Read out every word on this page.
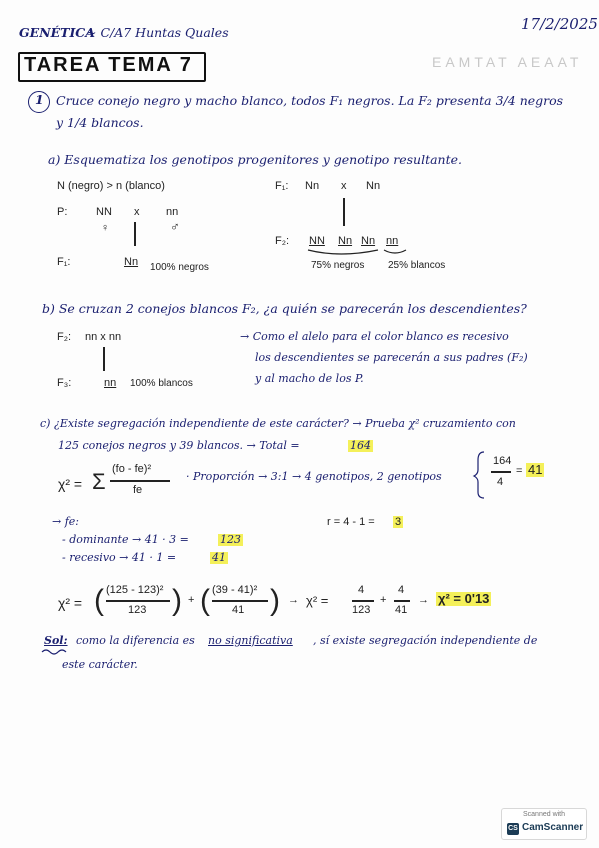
GENÉTICA
~ C/A7 Huntas Quales	17/2/2025
TAREA TEMA 7	EAMTAT AEAAT
1 Cruce conejo negro y macho blanco, todos F₁ negros. La F₂ presenta 3/4 negros
y 1/4 blancos.
a) Esquematiza los genotipos progenitores y genotipo resultante.
N (negro) > n (blanco)
P:	NN x nn
♀	♂
F₁:	Nn 100% negros
F₁: Nn x Nn
F₂: NN Nn Nn nn
75% negros 25% blancos
b) Se cruzan 2 conejos blancos F₂, ¿a quién se parecerán los descendientes?
F₂: nn x nn
F₃:	nn 100% blancos
→ Como el alelo para el color blanco es recesivo
los descendientes se parecerán a sus padres (F₂)
y al macho de los P.
c) ¿Existe segregación independiente de este carácter? → Prueba χ² cruzamiento con
125 conejos negros y 39 blancos. → Total =	164
χ² = Σ (fo - fe)²
fe
· Proporción → 3:1 → 4 genotipos, 2 genotipos
164
4
= 41
→ fe:
- dominante → 41 · 3 =	123
- recesivo → 41 · 1 =	41
r = 4 - 1 = 3
χ² = ( (125 - 123)²
123 ) + ( (39 - 41)²
41 ) → χ² =
4
123
+
4
41
→ χ² = 0'13
Sol: como la diferencia es no significativa , sí existe segregación independiente de
este carácter.
Scanned with
CS CamScanner
